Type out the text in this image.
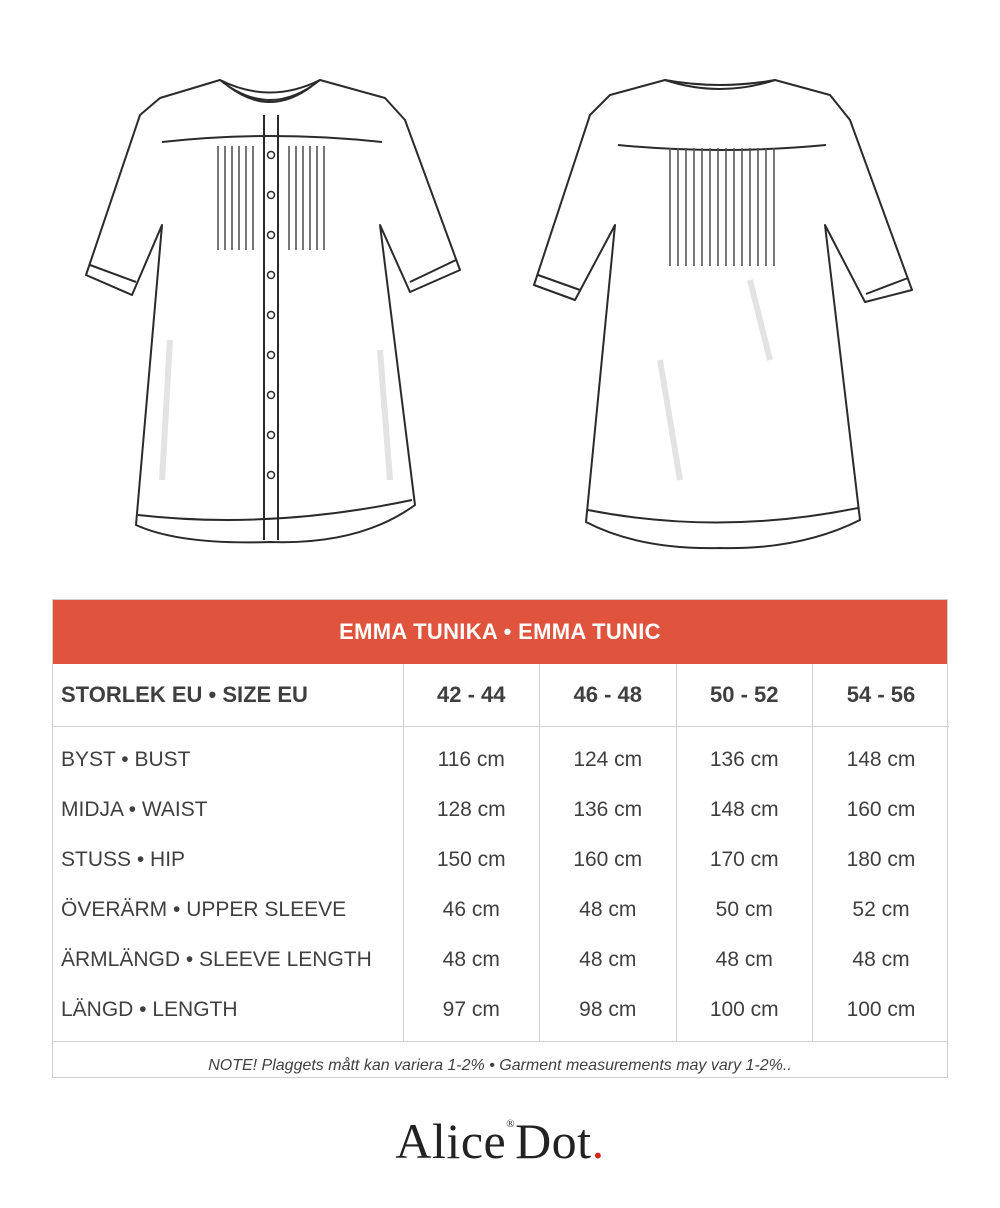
EMMA TUNIKA • EMMA TUNIC
STORLEK EU • SIZE EU	42 - 44	46 - 48	50 - 52	54 - 56
BYST • BUST	116 cm	124 cm	136 cm	148 cm
MIDJA • WAIST	128 cm	136 cm	148 cm	160 cm
STUSS • HIP	150 cm	160 cm	170 cm	180 cm
ÖVERÄRM • UPPER SLEEVE	46 cm	48 cm	50 cm	52 cm
ÄRMLÄNGD • SLEEVE LENGTH	48 cm	48 cm	48 cm	48 cm
LÄNGD • LENGTH	97 cm	98 cm	100 cm	100 cm
NOTE! Plaggets mått kan variera 1-2% • Garment measurements may vary 1-2%..
Alice®Dot.
